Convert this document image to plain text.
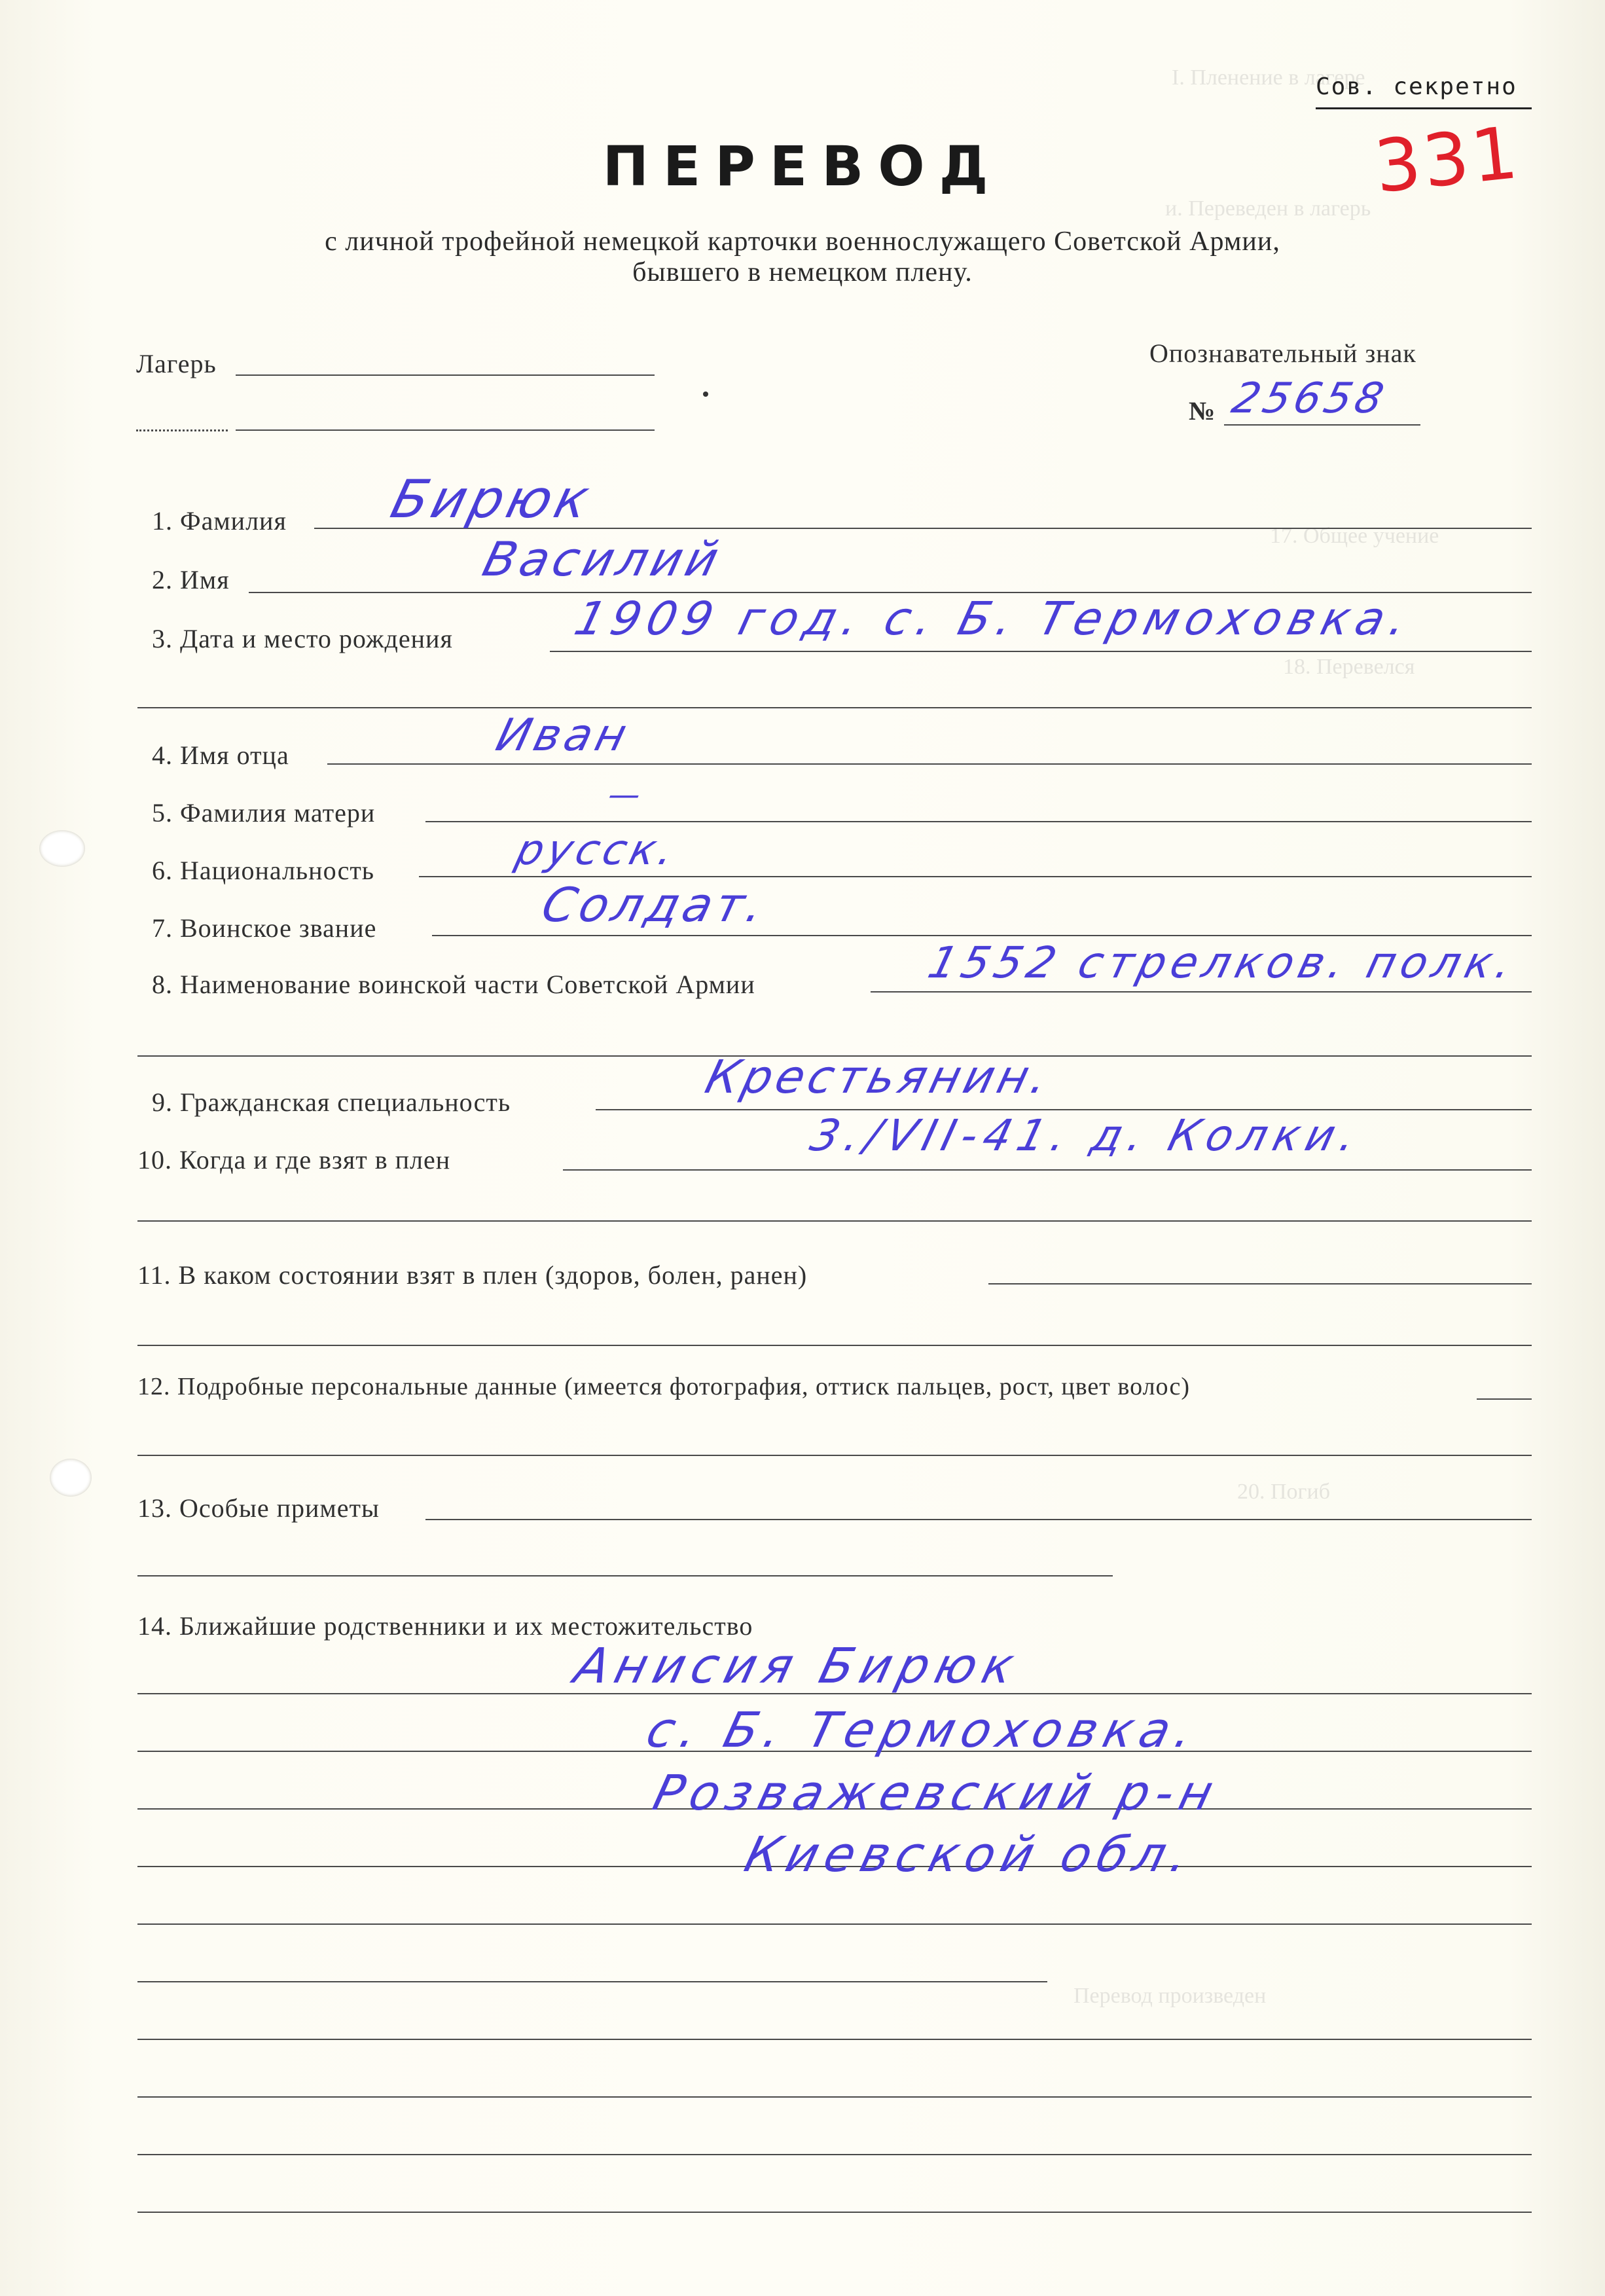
I. Пленение в лагере
и. Переведен в лагерь
17. Общее учение
18. Перевелся
20. Погиб
Перевод произведен
Сов. секретно
331
ПЕРЕВОД
с личной трофейной немецкой карточки военнослужащего Советской Армии,
бывшего в немецком плену.
Лагерь	Опознавательный знак
№ 25658
1. Фамилия Бирюк
2. Имя	Василий
3. Дата и место рождения	1909 год. с. Б. Термоховка.
4. Имя отца	Иван
5. Фамилия матери	—
6. Национальность	русск.
7. Воинское звание	Солдат.
8. Наименование воинской части Советской Армии	1552 стрелков. полк.
9. Гражданская специальность	Крестьянин.
10. Когда и где взят в плен	3./VII-41. д. Колки.
11. В каком состоянии взят в плен (здоров, болен, ранен)
12. Подробные персональные данные (имеется фотография, оттиск пальцев, рост, цвет волос)
13. Особые приметы
14. Ближайшие родственники и их местожительство
Анисия Бирюк
с. Б. Термоховка.
Розважевский р-н
Киевской обл.
